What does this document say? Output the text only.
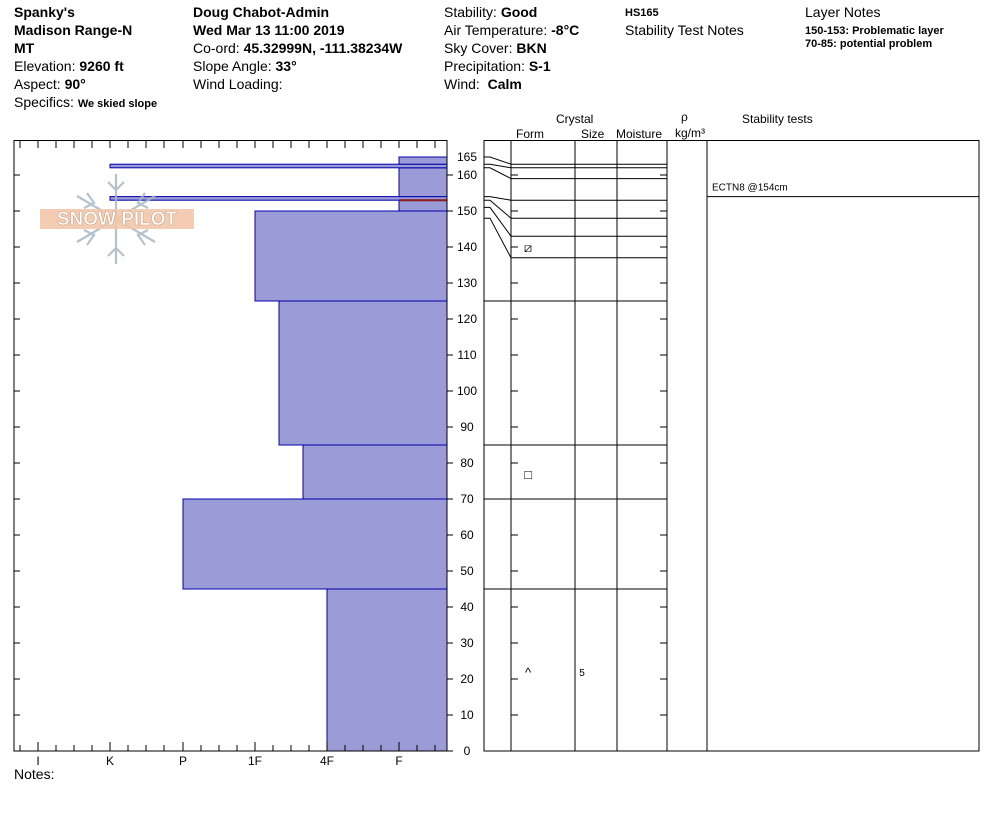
Spanky's
Madison Range-N
MT
Elevation: 9260 ft
Aspect: 90°
Specifics: We skied slope
Doug Chabot-Admin
Wed Mar 13 11:00 2019
Co-ord: 45.32999N, -111.38234W
Slope Angle: 33°
Wind Loading:
Stability: Good
Air Temperature: -8°C
Sky Cover: BKN
Precipitation: S-1
Wind: Calm
HS165
Stability Test Notes
Layer Notes
150-153: Problematic layer
70-85: potential problem
Crystal
Form	Size Moisture
ρ
kg/m³
Stability tests
I	K	P	1F	4F	F
0
10
20
30
40
50
60
70
80
90
100
110
120
130
140
150
160
165
⧄
□
^	5
ECTN8 @154cm
SNOW PILOT
Notes:
